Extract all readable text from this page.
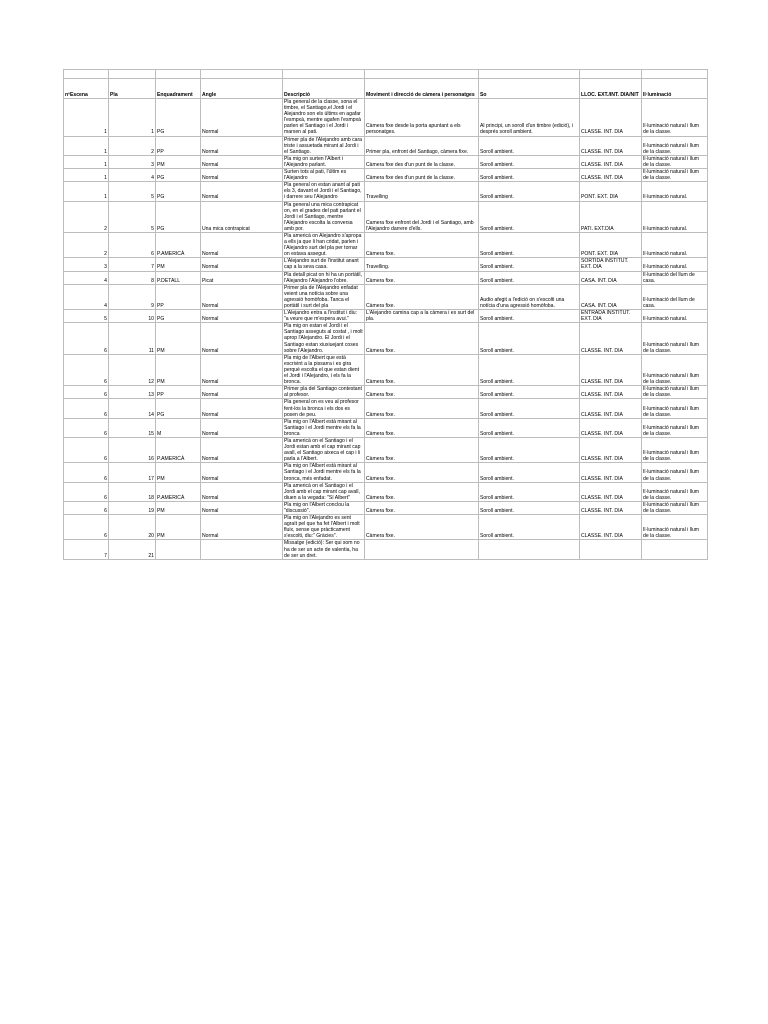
nºEscena	Pla	Enquadrament	Angle	Descripció	Moviment i direcció de càmera i personatges	So	LLOC. EXT./INT. DIA/NIT	Il·luminació
1	1	PG	Normal	Pla general de la classe, sona el timbre, el Santiago,el Jordi i el Alejandro son els últims en agafar l'esmpxà, mentre agafen l'esmpxà parlen el Santiago i el Jordi i marxen al pati.	Càmera fixe desde la porta apuntant a els personatges.	Al principi, un sorolI d'un timbre (edició), i després soroll ambient.	CLASSE. INT. DIA	Il·luminació natural i llum de la classe.
1	2	PP	Normal	Primer pla de l'Alejandro amb cara triste i assuetada mirant al Jordi i el Santiago.	Primer pla, enfront del Santiago, càmera fixe.	Soroll ambient.	CLASSE. INT. DIA	Il·luminació natural i llum de la classe.
1	3	PM	Normal	Pla mig on surten l'Albert i l'Alejandro parlant.	Càmera fixe des d'un punt de la classe.	Soroll ambient.	CLASSE. INT. DIA	Il·luminació natural i llum de la classe.
1	4	PG	Normal	Surten tots al pati, l'últim es l'Alejandro	Càmera fixe des d'un punt de la classe.	Soroll ambient.	CLASSE. INT. DIA	Il·luminació natural i llum de la classe.
1	5	PG	Normal	Pla general on estan anant al pati els 3, davant el Jordi i el Santiago, i darrere seu l'Alejandro	Travelling	Soroll ambient.	PONT. EXT. DIA	Il·luminació natural.
2	5	PG	Una mica contrapicat	Pla general una mica contrapicat on, en el grades del pati parlant el Jordi i el Santiago, mentre l'Alejandro escolta la conversa amb por.	Camera fixe enfront del Jordi i el Santiago, amb l'Alejandro darrere d'ells.	Soroll ambient.	PATI. EXT.DIA	Il·luminació natural.
2	6	P.AMERICÀ	Normal	Pla americà on Alejandro s'apropa a ells ja que li han cridat, parlen i l'Alejandro surt del pla per tornar on estava assegut.	Càmera fixe.	Soroll ambient.	PONT. EXT. DIA	Il·luminació natural.
3	7	PM	Normal	L'Alejandro surt de l'institut anant cap a la seva casa.	Travelling.	Soroll ambient.	SORTIDA INSTITUT. EXT. DIA	Il·luminació natural.
4	8	P.DETALL	Picat	Pla detall picat on hi ha un portàtil, l'Alejandro l'Alejandro l'obre.	Càmera fixe.	Soroll ambient.	CASA. INT. DIA	Il·luminació del llum de casa.
4	9	PP	Normal	Primer pla de l'Alejandro enfadat veient una notícia sobre una agressió homòfoba. Tanca el portàtil i surt del pla	Càmera fixe.	Audio afegit a l'edició on s'escolti una notícia d'una agressió homòfoba.	CASA. INT. DIA	Il·luminació del llum de casa.
5	10	PG	Normal	L'Alejandro entra a l'institut i diu: "a veure que m'espera avui."	L'Alejandro camina cap a la càmera i es surt del pla.	Soroll ambient.	ENTRADA INSTITUT. EXT. DIA	Il·luminació natural.
6	11	PM	Normal	Pla mig on estan el Jordi i el Santiago asseguts al costat , i molt aprop l'Alejandro. El Jordi i el Santiago estan xiuxiuejant coses sobre l'Alejandro.	Càmera fixe.	Soroll ambient.	CLASSE. INT. DIA	Il·luminació natural i llum de la classe.
6	12	PM	Normal	Pla mig de l'Albert que està escrivint a la pissarra i es gira perquè escolta el que estan dient el Jordi i l'Alejandro, i els fa la bronca.	Càmera fixe.	Soroll ambient.	CLASSE. INT. DIA	Il·luminació natural i llum de la classe.
6	13	PP	Normal	Primer pla del Santiago contestant al profesor.	Càmera fixe.	Soroll ambient.	CLASSE. INT. DIA	Il·luminació natural i llum de la classe.
6	14	PG	Normal	Pla general on es veu al profesor fent-los la bronca i els dos es posen de peu.	Càmera fixe.	Soroll ambient.	CLASSE. INT. DIA	Il·luminació natural i llum de la classe.
6	15	M	Normal	Pla mig on l'Albert està mirant al Santiago i el Jordi mentre els fa la bronca	Càmera fixe.	Soroll ambient.	CLASSE. INT. DIA	Il·luminació natural i llum de la classe.
6	16	P.AMERICÀ	Normal	Pla americà on el Santiago i el Jordi estan amb el cap mirant cap avall, el Santiago aixeca el cap i li parla a l'Albert.	Càmera fixe.	Soroll ambient.	CLASSE. INT. DIA	Il·luminació natural i llum de la classe.
6	17	PM	Normal	Pla mig on l'Albert està mirant al Santiago i el Jordi mentre els fa la bronca, més enfadat.	Càmera fixe.	Soroll ambient.	CLASSE. INT. DIA	Il·luminació natural i llum de la classe.
6	18	P.AMERICÀ	Normal	Pla americà on el Santiago i el Jordi amb el cap mirant cap avall, diuen a la vegada: "Sí Albert"	Càmera fixe.	Soroll ambient.	CLASSE. INT. DIA	Il·luminació natural i llum de la classe.
6	19	PM	Normal	Pla mig on l'Albert conclou la "discussió".	Càmera fixe.	Soroll ambient.	CLASSE. INT. DIA	Il·luminació natural i llum de la classe.
6	20	PM	Normal	Pla mig on l'Alejandro es sent agraït pel que ha fet l'Albert i molt fluix, sense que pràcticament s'escolti, diu:" Gràcies".	Càmera fixe.	Soroll ambient.	CLASSE. INT. DIA	Il·luminació natural i llum de la classe.
7	21			Missatge (edició): Ser qui som no ha de ser un acte de valentia, ha de ser un dret.				
